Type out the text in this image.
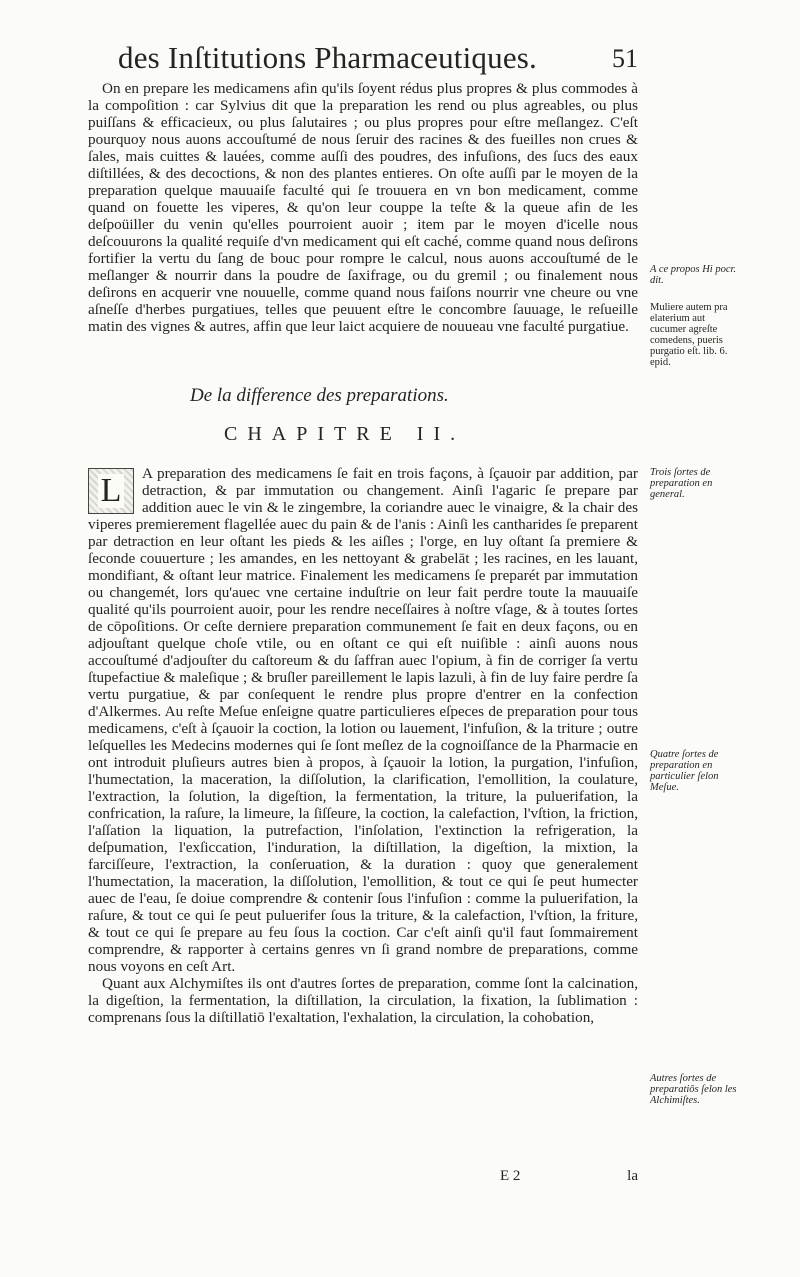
des Inſtitutions Pharmaceutiques.	51

On en prepare les medicamens afin qu'ils ſoyent rédus plus propres & plus commodes à la compoſition : car Sylvius dit que la preparation les rend ou plus agreables, ou plus puiſſans & efficacieux, ou plus ſalutaires ; ou plus propres pour eſtre meſlangez. C'eſt pourquoy nous auons accouſtumé de nous ſeruir des racines & des fueilles non crues & ſales, mais cuittes & lauées, comme auſſi des poudres, des infuſions, des ſucs des eaux diſtillées, & des decoctions, & non des plantes entieres. On oſte auſſi par le moyen de la preparation quelque mauuaiſe faculté qui ſe trouuera en vn bon medicament, comme quand on fouette les viperes, & qu'on leur couppe la teſte & la queue afin de les deſpoüiller du venin qu'elles pourroient auoir ; item par le moyen d'icelle nous deſcouurons la qualité requiſe d'vn medicament qui eſt caché, comme quand nous deſirons fortifier la vertu du ſang de bouc pour rompre le calcul, nous auons accouſtumé de le meſlanger & nourrir dans la poudre de ſaxifrage, ou du gremil ; ou finalement nous deſirons en acquerir vne nouuelle, comme quand nous faiſons nourrir vne cheure ou vne aſneſſe d'herbes purgatiues, telles que peuuent eſtre le concombre ſauuage, le reſueille matin des vignes & autres, affin que leur laict acquiere de nouueau vne faculté purgatiue.

De la difference des preparations.
CHAPITRE II.
L	A preparation des medicamens ſe fait en trois façons, à ſçauoir par addition, par detraction, & par immutation ou changement. Ainſi l'agaric ſe prepare par addition auec le vin & le zingembre, la coriandre auec le vinaigre, & la chair des viperes premierement flagellée auec du pain & de l'anis : Ainſi les cantharides ſe preparent par detraction en leur oſtant les pieds & les aiſles ; l'orge, en luy oſtant ſa premiere & ſeconde couuerture ; les amandes, en les nettoyant & grabelāt ; les racines, en les lauant, mondifiant, & oſtant leur matrice. Finalement les medicamens ſe preparét par immutation ou changemét, lors qu'auec vne certaine induſtrie on leur fait perdre toute la mauuaiſe qualité qu'ils pourroient auoir, pour les rendre neceſſaires à noſtre vſage, & à toutes ſortes de cōpoſitions. Or ceſte derniere preparation communement ſe fait en deux façons, ou en adjouſtant quelque choſe vtile, ou en oſtant ce qui eſt nuiſible : ainſi auons nous accouſtumé d'adjouſter du caſtoreum & du ſaffran auec l'opium, à fin de corriger ſa vertu ſtupefactiue & maleſique ; & bruſler pareillement le lapis lazuli, à fin de luy faire perdre ſa vertu purgatiue, & par conſequent le rendre plus propre d'entrer en la confection d'Alkermes. Au reſte Meſue enſeigne quatre particulieres eſpeces de preparation pour tous medicamens, c'eſt à ſçauoir la coction, la lotion ou lauement, l'infuſion, & la triture ; outre leſquelles les Medecins modernes qui ſe ſont meſlez de la cognoiſſance de la Pharmacie en ont introduit pluſieurs autres bien à propos, à ſçauoir la lotion, la purgation, l'infuſion, l'humectation, la maceration, la diſſolution, la clarification, l'emollition, la coulature, l'extraction, la ſolution, la digeſtion, la fermentation, la triture, la puluerifation, la confrication, la raſure, la limeure, la ſiſſeure, la coction, la calefaction, l'vſtion, la friction, l'aſſation la liquation, la putrefaction, l'inſolation, l'extinction la refrigeration, la deſpumation, l'exſiccation, l'induration, la diſtillation, la digeſtion, la mixtion, la farciſſeure, l'extraction, la conſeruation, & la duration : quoy que generalement l'humectation, la maceration, la diſſolution, l'emollition, & tout ce qui ſe peut humecter auec de l'eau, ſe doiue comprendre & contenir ſous l'infuſion : comme la puluerifation, la raſure, & tout ce qui ſe peut puluerifer ſous la triture, & la calefaction, l'vſtion, la friture, & tout ce qui ſe prepare au feu ſous la coction. Car c'eſt ainſi qu'il faut ſommairement comprendre, & rapporter à certains genres vn ſi grand nombre de preparations, comme nous voyons en ceſt Art.

Quant aux Alchymiſtes ils ont d'autres ſortes de preparation, comme ſont la calcination, la digeſtion, la fermentation, la diſtillation, la circulation, la fixation, la ſublimation : comprenans ſous la diſtillatiō l'exaltation, l'exhalation, la circulation, la cohobation,

E 2	la
A ce propos Hi pocr. dit.
Muliere autem pra elaterium aut cucumer agreſte comedens, pueris purgatio eſt. lib. 6. epid.
Trois ſortes de preparation en general.
Quatre ſortes de preparation en particulier ſelon Meſue.
Autres ſortes de preparatiōs ſelon les Alchimiſtes.
